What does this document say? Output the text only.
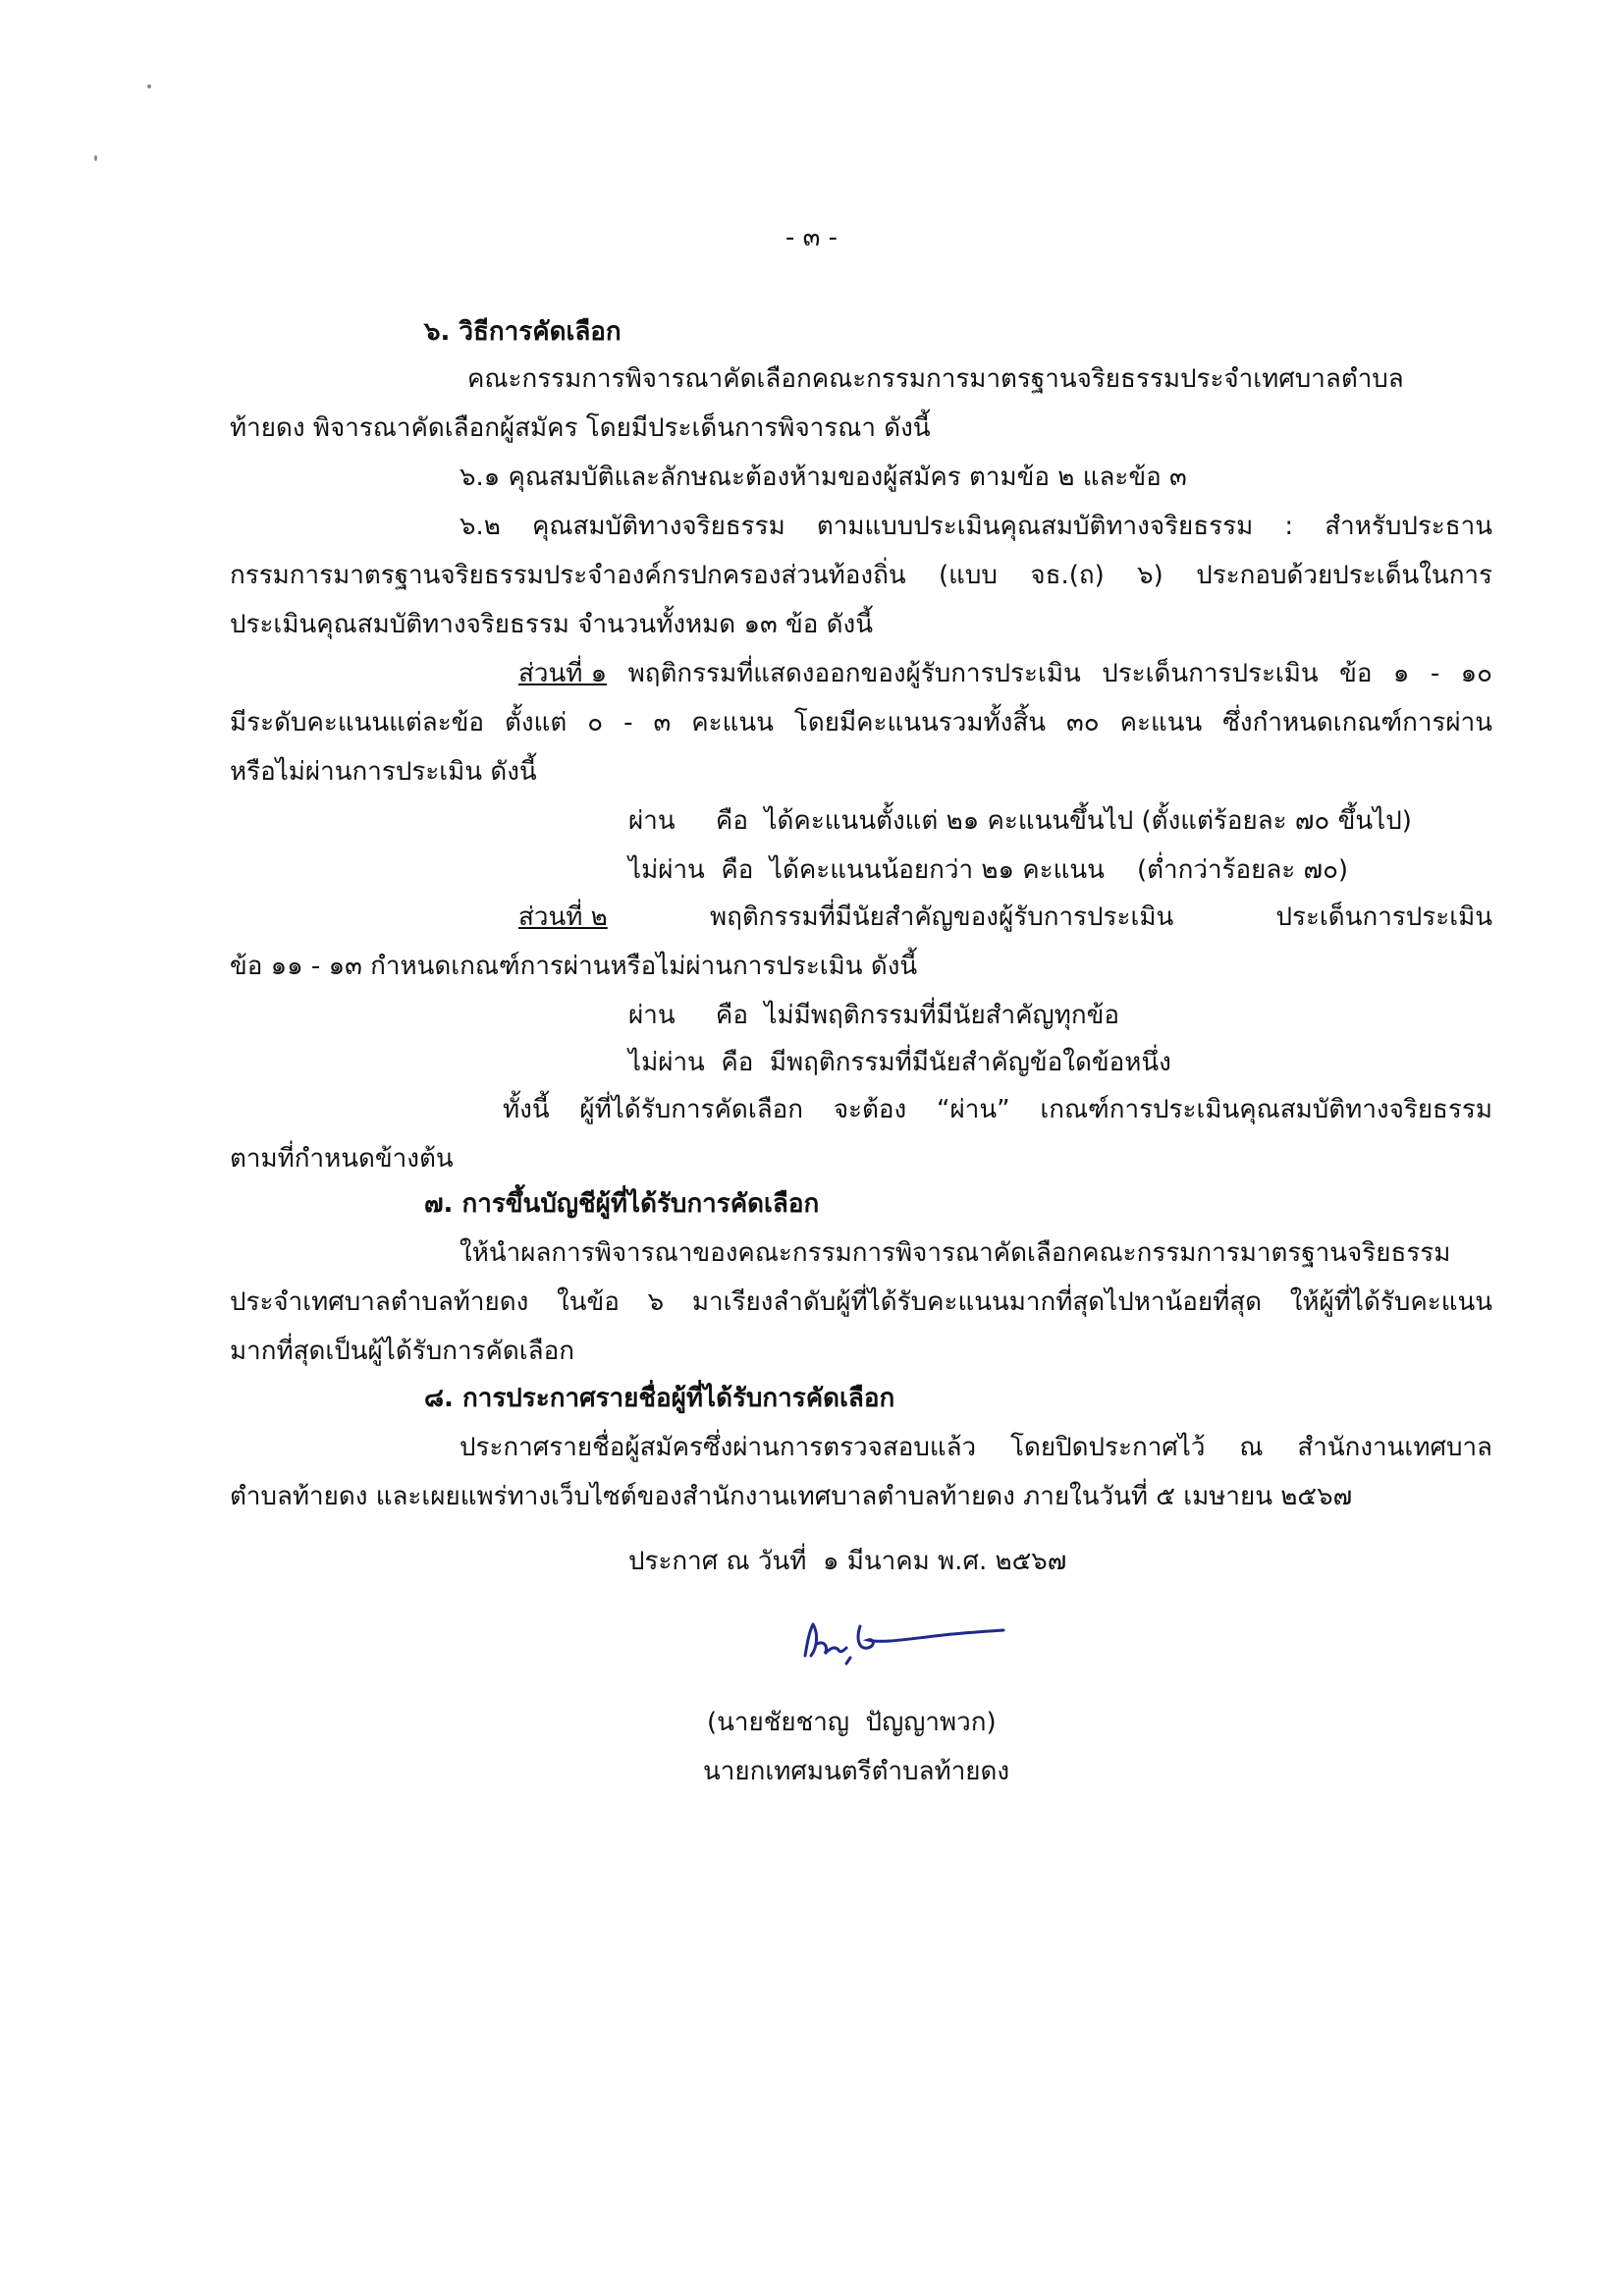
- ๓ -
๖. วิธีการคัดเลือก
คณะกรรมการพิจารณาคัดเลือกคณะกรรมการมาตรฐานจริยธรรมประจำเทศบาลตำบล
ท้ายดง พิจารณาคัดเลือกผู้สมัคร โดยมีประเด็นการพิจารณา ดังนี้
๖.๑ คุณสมบัติและลักษณะต้องห้ามของผู้สมัคร ตามข้อ ๒ และข้อ ๓
๖.๒ คุณสมบัติทางจริยธรรม ตามแบบประเมินคุณสมบัติทางจริยธรรม : สำหรับประธาน
กรรมการมาตรฐานจริยธรรมประจำองค์กรปกครองส่วนท้องถิ่น (แบบ จธ.(ถ) ๖) ประกอบด้วยประเด็นในการ
ประเมินคุณสมบัติทางจริยธรรม จำนวนทั้งหมด ๑๓ ข้อ ดังนี้
ส่วนที่ ๑ พฤติกรรมที่แสดงออกของผู้รับการประเมิน ประเด็นการประเมิน ข้อ ๑ - ๑๐
มีระดับคะแนนแต่ละข้อ ตั้งแต่ ๐ - ๓ คะแนน โดยมีคะแนนรวมทั้งสิ้น ๓๐ คะแนน ซึ่งกำหนดเกณฑ์การผ่าน
หรือไม่ผ่านการประเมิน ดังนี้
ผ่าน     คือ  ได้คะแนนตั้งแต่ ๒๑ คะแนนขึ้นไป (ตั้งแต่ร้อยละ ๗๐ ขึ้นไป)
ไม่ผ่าน  คือ  ได้คะแนนน้อยกว่า ๒๑ คะแนน    (ต่ำกว่าร้อยละ ๗๐)
ส่วนที่ ๒ พฤติกรรมที่มีนัยสำคัญของผู้รับการประเมิน ประเด็นการประเมิน
ข้อ ๑๑ - ๑๓ กำหนดเกณฑ์การผ่านหรือไม่ผ่านการประเมิน ดังนี้
ผ่าน     คือ  ไม่มีพฤติกรรมที่มีนัยสำคัญทุกข้อ
ไม่ผ่าน  คือ  มีพฤติกรรมที่มีนัยสำคัญข้อใดข้อหนึ่ง
ทั้งนี้ ผู้ที่ได้รับการคัดเลือก จะต้อง “ผ่าน” เกณฑ์การประเมินคุณสมบัติทางจริยธรรม
ตามที่กำหนดข้างต้น
๗. การขึ้นบัญชีผู้ที่ได้รับการคัดเลือก
ให้นำผลการพิจารณาของคณะกรรมการพิจารณาคัดเลือกคณะกรรมการมาตรฐานจริยธรรม
ประจำเทศบาลตำบลท้ายดง ในข้อ ๖ มาเรียงลำดับผู้ที่ได้รับคะแนนมากที่สุดไปหาน้อยที่สุด ให้ผู้ที่ได้รับคะแนน
มากที่สุดเป็นผู้ได้รับการคัดเลือก
๘. การประกาศรายชื่อผู้ที่ได้รับการคัดเลือก
ประกาศรายชื่อผู้สมัครซึ่งผ่านการตรวจสอบแล้ว โดยปิดประกาศไว้ ณ สำนักงานเทศบาล
ตำบลท้ายดง และเผยแพร่ทางเว็บไซต์ของสำนักงานเทศบาลตำบลท้ายดง ภายในวันที่ ๕ เมษายน ๒๕๖๗
ประกาศ ณ วันที่  ๑ มีนาคม พ.ศ. ๒๕๖๗
(นายชัยชาญ  ปัญญาพวก)
นายกเทศมนตรีตำบลท้ายดง
